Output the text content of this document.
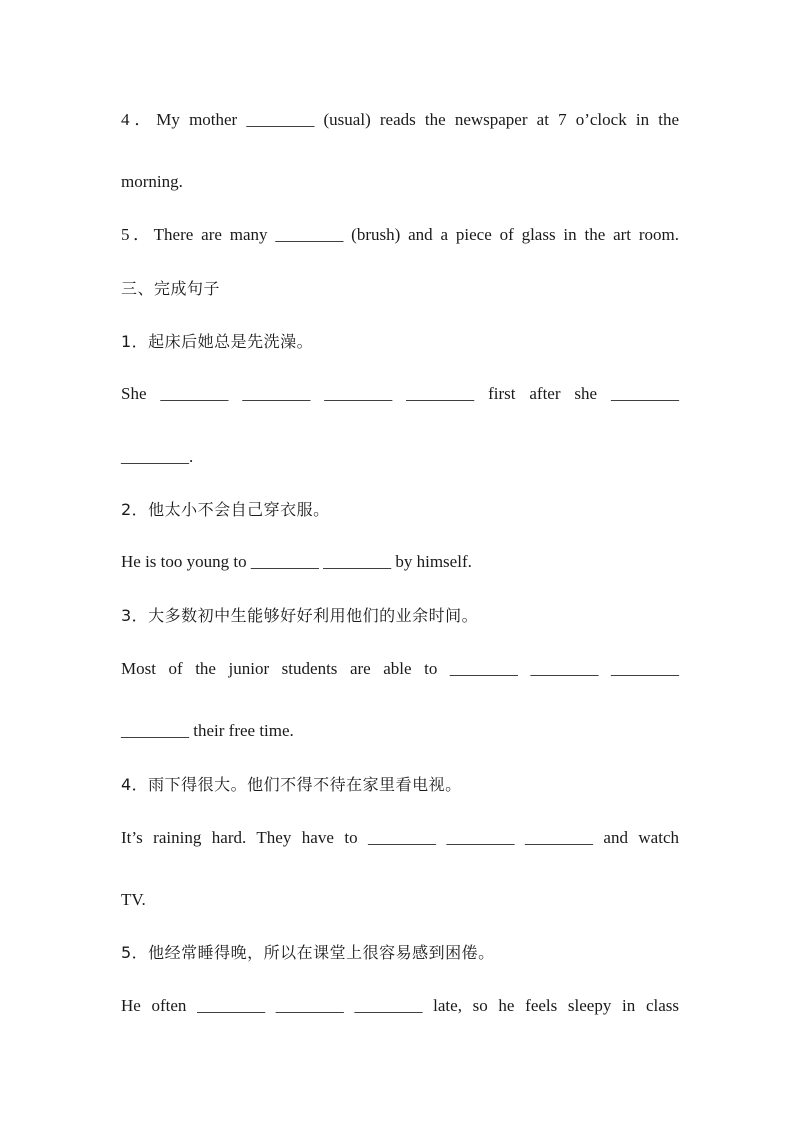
4．My mother ________ (usual) reads the newspaper at 7 o’clock in the
morning.
5．There are many ________ (brush) and a piece of glass in the art room.
三、完成句子
1．起床后她总是先洗澡。
She ________ ________ ________ ________ first after she ________
________.
2．他太小不会自己穿衣服。
He is too young to ________ ________ by himself.
3．大多数初中生能够好好利用他们的业余时间。
Most of the junior students are able to ________ ________ ________
________ their free time.
4．雨下得很大。他们不得不待在家里看电视。
It’s raining hard. They have to ________ ________ ________ and watch
TV.
5．他经常睡得晚，所以在课堂上很容易感到困倦。
He often ________ ________ ________ late, so he feels sleepy in class
